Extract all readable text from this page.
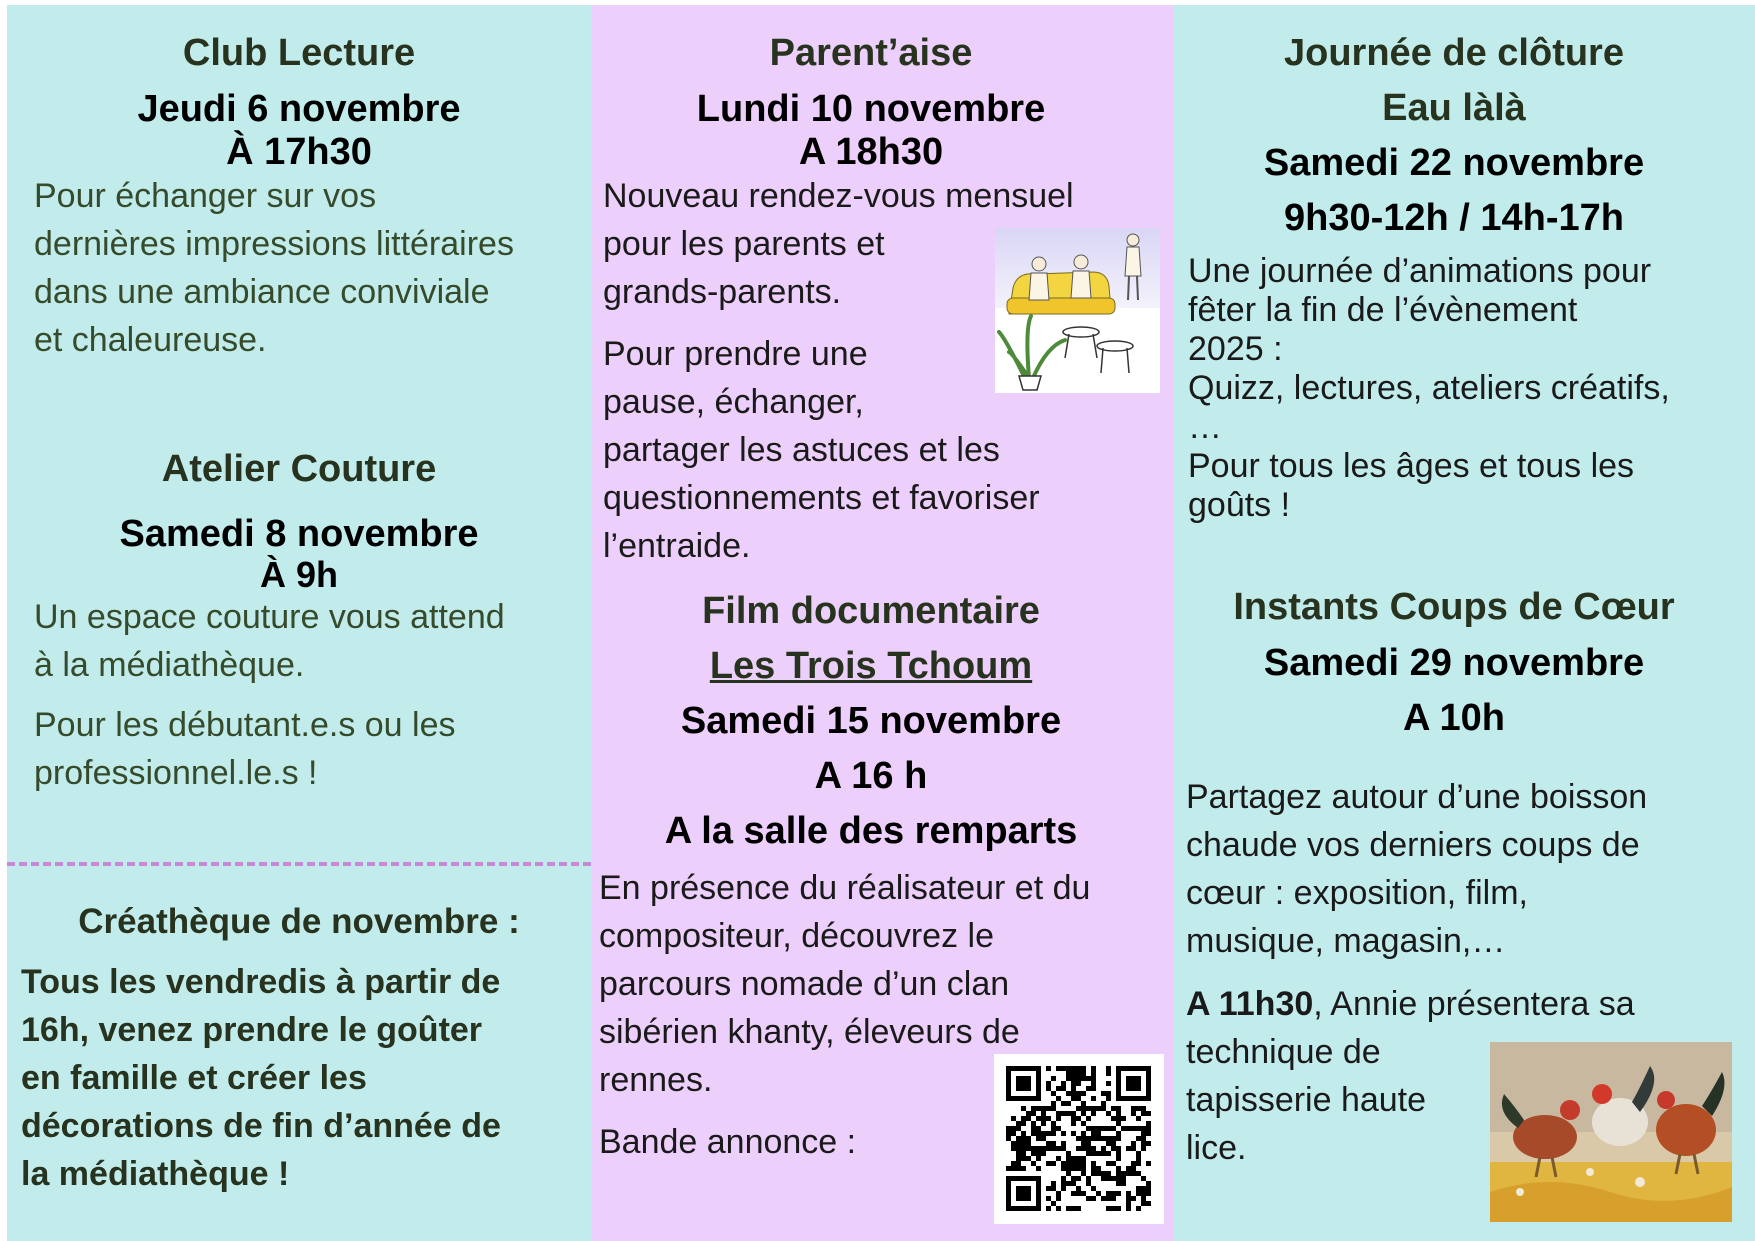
Club Lecture

Jeudi 6 novembre

À 17h30

Pour échanger sur vos
dernières impressions littéraires
dans une ambiance conviviale
et chaleureuse.

Atelier Couture

Samedi 8 novembre

À 9h

Un espace couture vous attend
à la médiathèque.
Pour les débutant.e.s ou les
professionnel.le.s !

Créathèque de novembre :

Tous les vendredis à partir de
16h, venez prendre le goûter
en famille et créer les
décorations de fin d’année de
la médiathèque !

Parent’aise

Lundi 10 novembre

A 18h30

Nouveau rendez-vous mensuel
pour les parents et
grands-parents.
Pour prendre une
pause, échanger,
partager les astuces et les
questionnements et favoriser
l’entraide.

Film documentaire

Les Trois Tchoum

Samedi 15 novembre

A 16 h

A la salle des remparts

En présence du réalisateur et du
compositeur, découvrez le
parcours nomade d’un clan
sibérien khanty, éleveurs de
rennes.

Bande annonce :

Journée de clôture

Eau làlà

Samedi 22 novembre

9h30-12h / 14h-17h

Une journée d’animations pour
fêter la fin de l’évènement
2025 :
Quizz, lectures, ateliers créatifs,
…
Pour tous les âges et tous les
goûts !

Instants Coups de Cœur

Samedi 29 novembre

A 10h

Partagez autour d’une boisson
chaude vos derniers coups de
cœur : exposition, film,
musique, magasin,…
A 11h30, Annie présentera sa
technique de
tapisserie haute
lice.
